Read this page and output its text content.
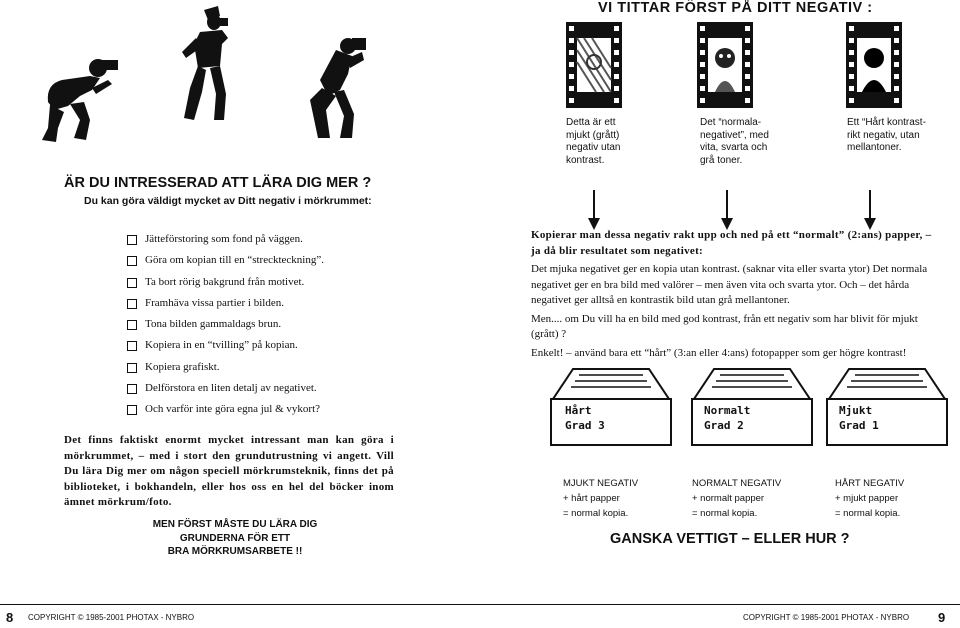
VI TITTAR FÖRST PÅ DITT NEGATIV :
Detta är ett
mjukt (grått)
negativ utan
kontrast.
Det “normala-
negativet”, med
vita, svarta och
grå toner.
Ett “Hårt kontrast-
rikt negativ, utan
mellantoner.
ÄR DU INTRESSERAD ATT LÄRA DIG MER ?
Du kan göra väldigt mycket av Ditt negativ i mörkrummet:
Jätteförstoring som fond på väggen.
Göra om kopian till en “streckteckning”.
Ta bort rörig bakgrund från motivet.
Framhäva vissa partier i bilden.
Tona bilden gammaldags brun.
Kopiera in en “tvilling” på kopian.
Kopiera grafiskt.
Delförstora en liten detalj av negativet.
Och varför inte göra egna jul & vykort?
Det finns faktiskt enormt mycket intressant man kan göra i mörkrummet, – med i stort den grundutrustning vi angett. Vill Du lära Dig mer om någon speciell mörkrumsteknik, finns det på biblioteket, i bokhandeln, eller hos oss en hel del böcker inom ämnet mörkrum/foto.
MEN FÖRST MÅSTE DU LÄRA DIG
GRUNDERNA FÖR ETT
BRA MÖRKRUMSARBETE !!

Kopierar man dessa negativ rakt upp och ned på ett “normalt” (2:ans) papper, – ja då blir resultatet som negativet:

Det mjuka negativet ger en kopia utan kontrast. (saknar vita eller svarta ytor) Det normala negativet ger en bra bild med valörer – men även vita och svarta ytor. Och – det hårda negativet ger alltså en kontrastik bild utan grå mellantoner.

Men.... om Du vill ha en bild med god kontrast, från ett negativ som har blivit för mjukt (grått) ?

Enkelt! – använd bara ett “hårt” (3:an eller 4:ans) fotopapper som ger högre kontrast!

Hårt
Grad 3
Normalt
Grad 2
Mjukt
Grad 1
MJUKT NEGATIV
+ hårt papper
= normal kopia.
NORMALT NEGATIV
+ normalt papper
= normal kopia.
HÅRT NEGATIV
+ mjukt papper
= normal kopia.
GANSKA VETTIGT – ELLER HUR ?
8 COPYRIGHT © 1985-2001 PHOTAX - NYBRO	COPYRIGHT © 1985-2001 PHOTAX - NYBRO 9
